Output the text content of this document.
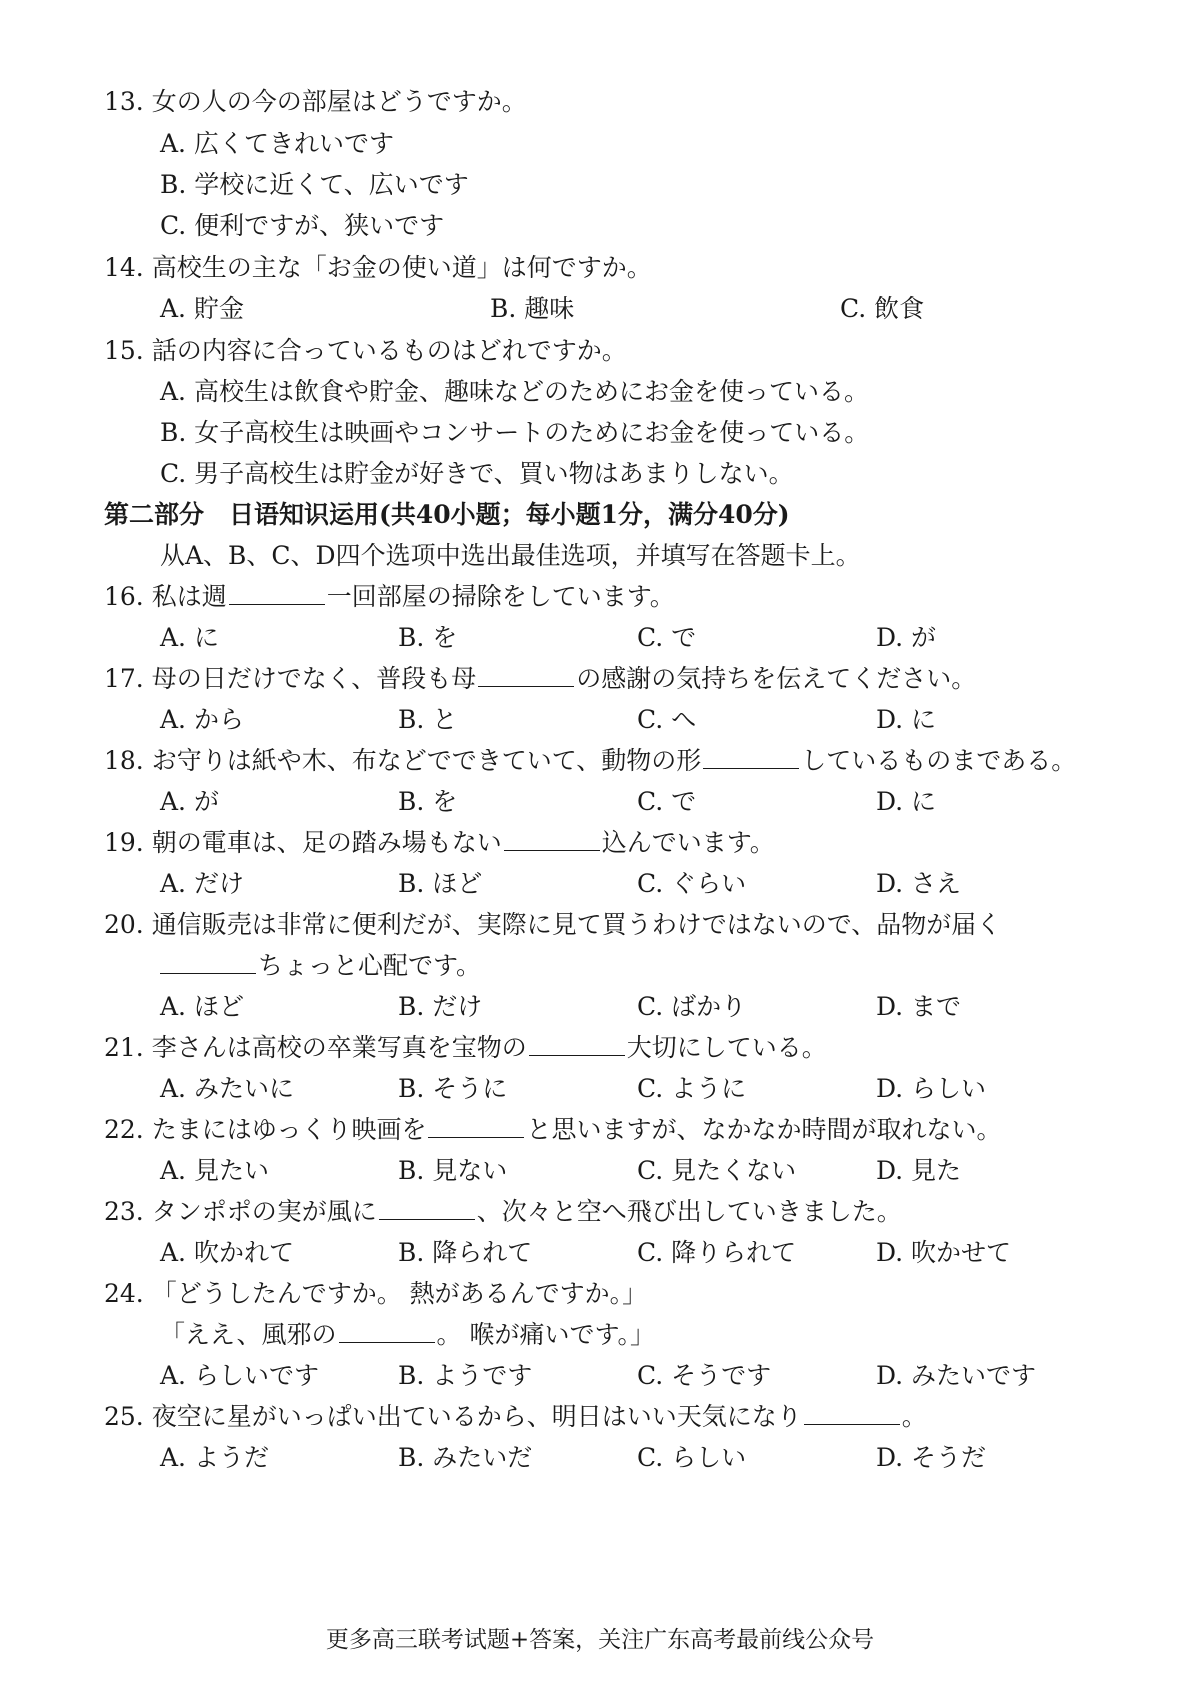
13. 女の人の今の部屋はどうですか。
A. 広くてきれいです
B. 学校に近くて、広いです
C. 便利ですが、狭いです
14. 高校生の主な「お金の使い道」は何ですか。
A. 貯金	B. 趣味	C. 飲食
15. 話の内容に合っているものはどれですか。
A. 高校生は飲食や貯金、趣味などのためにお金を使っている。
B. 女子高校生は映画やコンサートのためにお金を使っている。
C. 男子高校生は貯金が好きで、買い物はあまりしない。
第二部分　日语知识运用(共40小题；每小题1分，满分40分)
从A、B、C、D四个选项中选出最佳选项，并填写在答题卡上。
16. 私は週	一回部屋の掃除をしています。
A. に	B. を	C. で	D. が
17. 母の日だけでなく、普段も母	の感謝の気持ちを伝えてください。
A. から	B. と	C. へ	D. に
18. お守りは紙や木、布などでできていて、動物の形	しているものまである。
A. が	B. を	C. で	D. に
19. 朝の電車は、足の踏み場もない	込んでいます。
A. だけ	B. ほど	C. ぐらい	D. さえ
20. 通信販売は非常に便利だが、実際に見て買うわけではないので、品物が届く
ちょっと心配です。
A. ほど	B. だけ	C. ばかり	D. まで
21. 李さんは高校の卒業写真を宝物の	大切にしている。
A. みたいに	B. そうに	C. ように	D. らしい
22. たまにはゆっくり映画を	と思いますが、なかなか時間が取れない。
A. 見たい	B. 見ない	C. 見たくない	D. 見た
23. タンポポの実が風に	、次々と空へ飛び出していきました。
A. 吹かれて	B. 降られて	C. 降りられて	D. 吹かせて
24. 「どうしたんですか。 熱があるんですか。」
「ええ、風邪の	。 喉が痛いです。」
A. らしいです	B. ようです	C. そうです	D. みたいです
25. 夜空に星がいっぱい出ているから、明日はいい天気になり	。
A. ようだ	B. みたいだ	C. らしい	D. そうだ
更多高三联考试题+答案，关注广东高考最前线公众号
